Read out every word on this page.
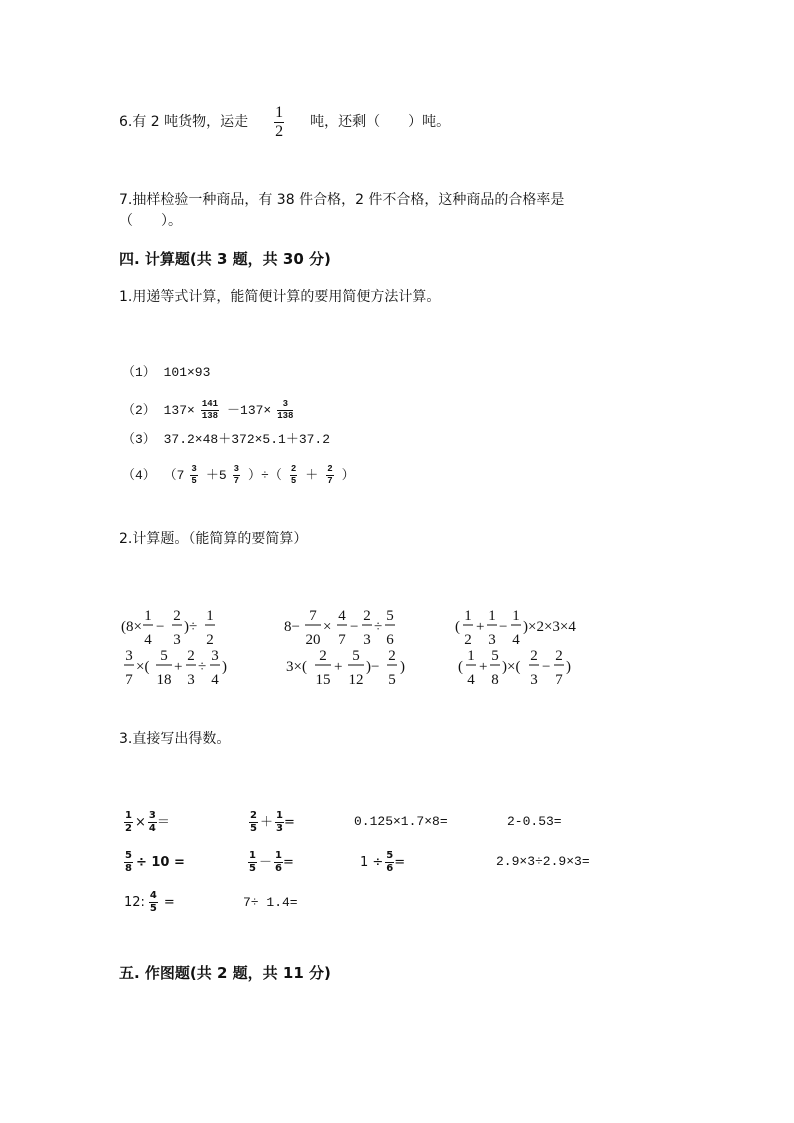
6.有 2 吨货物，运走 $\frac{1}{2}$ 吨，还剩（　　）吨。
7.抽样检验一种商品，有 38 件合格，2 件不合格，这种商品的合格率是
（　　）。
四. 计算题(共 3 题，共 30 分)
1.用递等式计算，能简便计算的要用简便方法计算。
（1） 101×93
（2） $137\times \frac{141}{138} -137\times \frac{3}{138}$
（3） 37.2×48＋372×5.1＋37.2
（4） （$7 \frac{3}{5} +5 \frac{3}{7}$ ）÷（ $\frac{2}{5} + \frac{2}{7}$ ）
2.计算题。（能简算的要简算）
(8×
1
4
−
2
3
)÷
1
2
8−
7
20
×
4
7
−
2
3
÷
5
6
(
1
2
+
1
3
−
1
4
)×2×3×4
3
7
×(
5
18
+
2
3
÷
3
4
)	3×(
2
15
+
5
12
)−
2
5
)	(
1
4
+
5
8
)×(
2
3
−
2
7
)
3.直接写出得数。
$\frac{1}{2} \times \frac{3}{4}$ ＝	$\frac{2}{5} + \frac{1}{3}$ =	0.125×1.7×8=	2-0.53=
$\frac{5}{8} \div 10$ =	$\frac{1}{5} - \frac{1}{6}$ =	$1 \div \frac{5}{6}$ =	2.9×3÷2.9×3=
12: $\frac{4}{5}$ =	7÷ 1.4=
五. 作图题(共 2 题，共 11 分)
